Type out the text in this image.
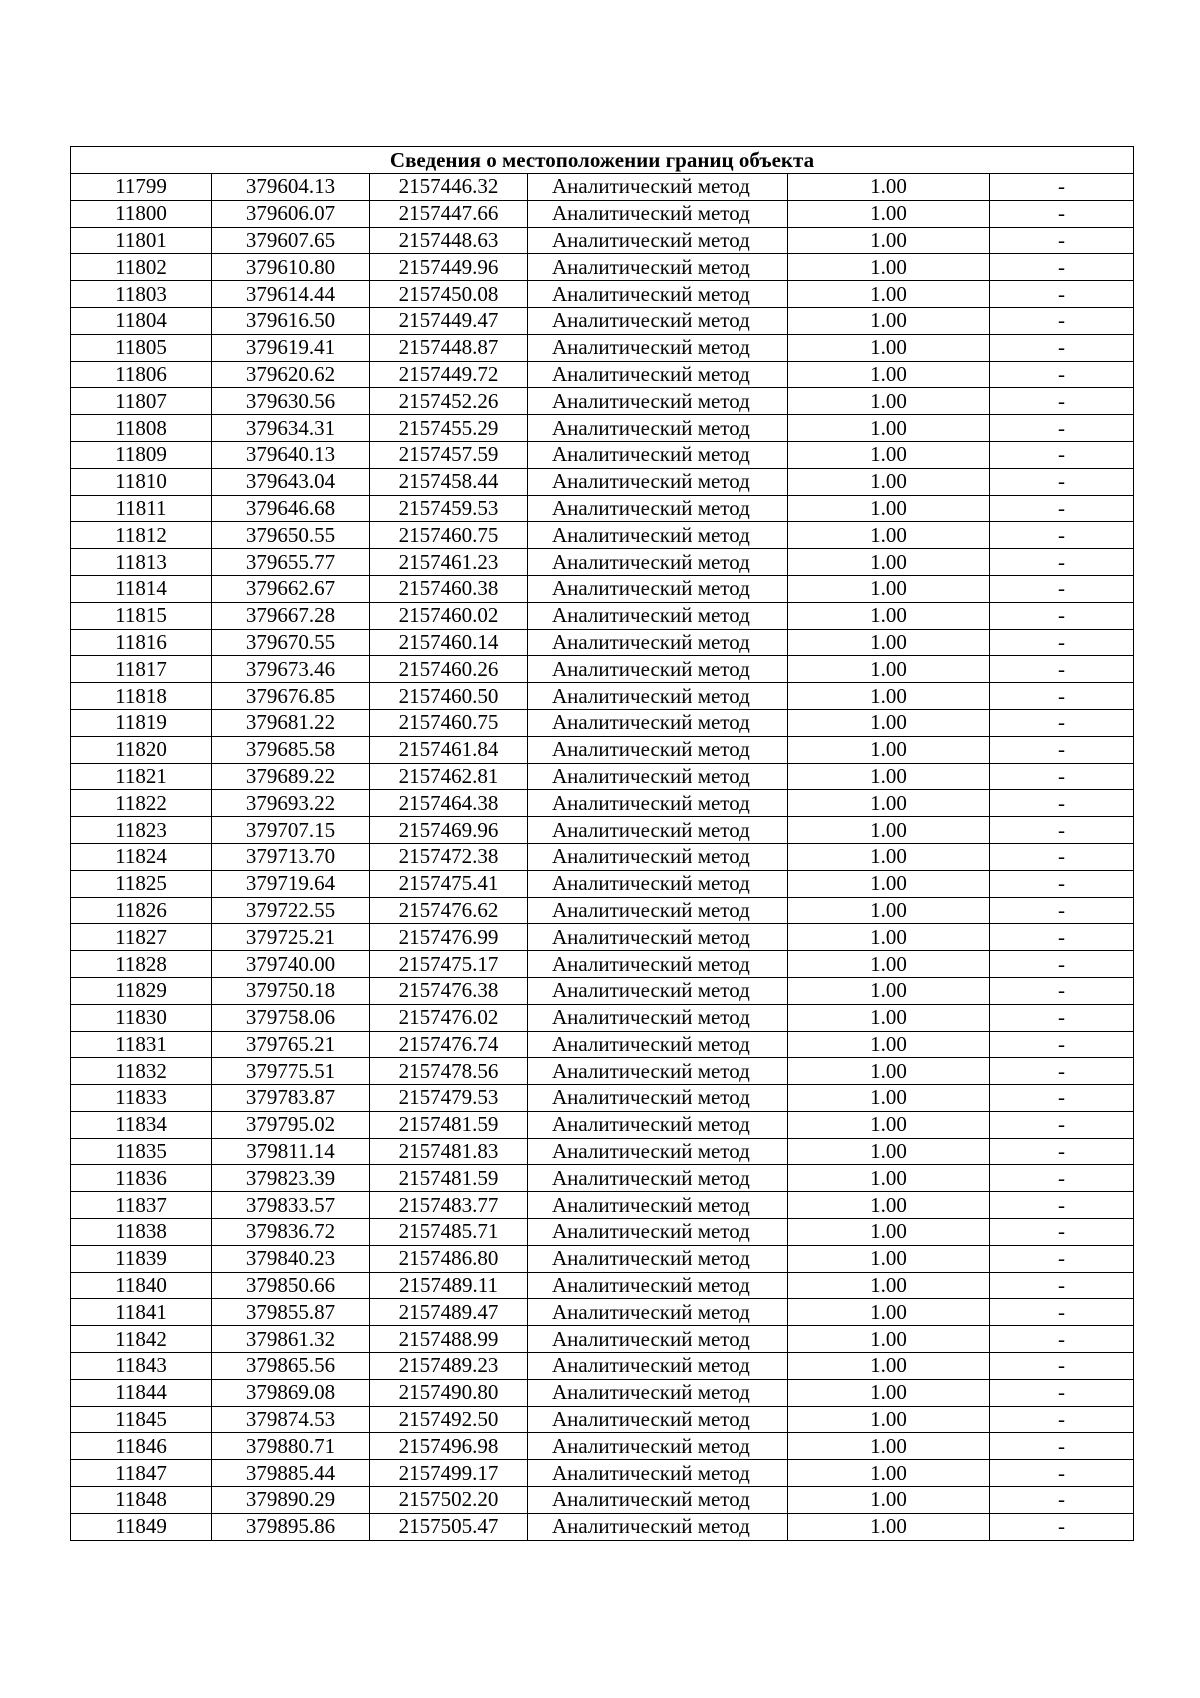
Сведения о местоположении границ объекта					
11799	379604.13	2157446.32	Аналитический метод	1.00	-
11800	379606.07	2157447.66	Аналитический метод	1.00	-
11801	379607.65	2157448.63	Аналитический метод	1.00	-
11802	379610.80	2157449.96	Аналитический метод	1.00	-
11803	379614.44	2157450.08	Аналитический метод	1.00	-
11804	379616.50	2157449.47	Аналитический метод	1.00	-
11805	379619.41	2157448.87	Аналитический метод	1.00	-
11806	379620.62	2157449.72	Аналитический метод	1.00	-
11807	379630.56	2157452.26	Аналитический метод	1.00	-
11808	379634.31	2157455.29	Аналитический метод	1.00	-
11809	379640.13	2157457.59	Аналитический метод	1.00	-
11810	379643.04	2157458.44	Аналитический метод	1.00	-
11811	379646.68	2157459.53	Аналитический метод	1.00	-
11812	379650.55	2157460.75	Аналитический метод	1.00	-
11813	379655.77	2157461.23	Аналитический метод	1.00	-
11814	379662.67	2157460.38	Аналитический метод	1.00	-
11815	379667.28	2157460.02	Аналитический метод	1.00	-
11816	379670.55	2157460.14	Аналитический метод	1.00	-
11817	379673.46	2157460.26	Аналитический метод	1.00	-
11818	379676.85	2157460.50	Аналитический метод	1.00	-
11819	379681.22	2157460.75	Аналитический метод	1.00	-
11820	379685.58	2157461.84	Аналитический метод	1.00	-
11821	379689.22	2157462.81	Аналитический метод	1.00	-
11822	379693.22	2157464.38	Аналитический метод	1.00	-
11823	379707.15	2157469.96	Аналитический метод	1.00	-
11824	379713.70	2157472.38	Аналитический метод	1.00	-
11825	379719.64	2157475.41	Аналитический метод	1.00	-
11826	379722.55	2157476.62	Аналитический метод	1.00	-
11827	379725.21	2157476.99	Аналитический метод	1.00	-
11828	379740.00	2157475.17	Аналитический метод	1.00	-
11829	379750.18	2157476.38	Аналитический метод	1.00	-
11830	379758.06	2157476.02	Аналитический метод	1.00	-
11831	379765.21	2157476.74	Аналитический метод	1.00	-
11832	379775.51	2157478.56	Аналитический метод	1.00	-
11833	379783.87	2157479.53	Аналитический метод	1.00	-
11834	379795.02	2157481.59	Аналитический метод	1.00	-
11835	379811.14	2157481.83	Аналитический метод	1.00	-
11836	379823.39	2157481.59	Аналитический метод	1.00	-
11837	379833.57	2157483.77	Аналитический метод	1.00	-
11838	379836.72	2157485.71	Аналитический метод	1.00	-
11839	379840.23	2157486.80	Аналитический метод	1.00	-
11840	379850.66	2157489.11	Аналитический метод	1.00	-
11841	379855.87	2157489.47	Аналитический метод	1.00	-
11842	379861.32	2157488.99	Аналитический метод	1.00	-
11843	379865.56	2157489.23	Аналитический метод	1.00	-
11844	379869.08	2157490.80	Аналитический метод	1.00	-
11845	379874.53	2157492.50	Аналитический метод	1.00	-
11846	379880.71	2157496.98	Аналитический метод	1.00	-
11847	379885.44	2157499.17	Аналитический метод	1.00	-
11848	379890.29	2157502.20	Аналитический метод	1.00	-
11849	379895.86	2157505.47	Аналитический метод	1.00	-
